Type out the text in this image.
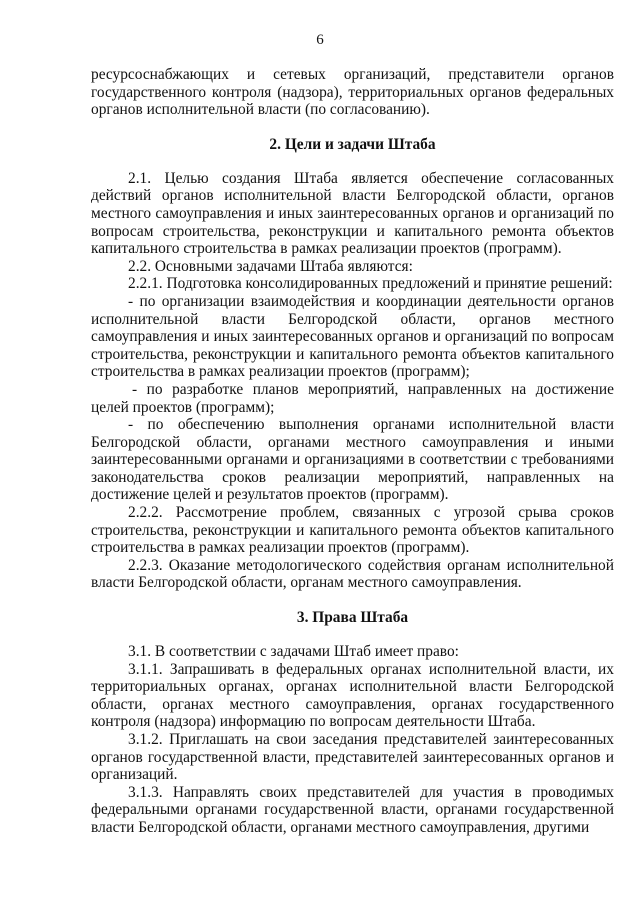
6

ресурсоснабжающих и сетевых организаций, представители органов государственного контроля (надзора), территориальных органов федеральных органов исполнительной власти (по согласованию).

2. Цели и задачи Штаба

2.1. Целью создания Штаба является обеспечение согласованных действий органов исполнительной власти Белгородской области, органов местного самоуправления и иных заинтересованных органов и организаций по вопросам строительства, реконструкции и капитального ремонта объектов капитального строительства в рамках реализации проектов (программ).

2.2. Основными задачами Штаба являются:

2.2.1. Подготовка консолидированных предложений и принятие решений:

- по организации взаимодействия и координации деятельности органов исполнительной власти Белгородской области, органов местного самоуправления и иных заинтересованных органов и организаций по вопросам строительства, реконструкции и капитального ремонта объектов капитального строительства в рамках реализации проектов (программ);

- по разработке планов мероприятий, направленных на достижение целей проектов (программ);

- по обеспечению выполнения органами исполнительной власти Белгородской области, органами местного самоуправления и иными заинтересованными органами и организациями в соответствии с требованиями законодательства сроков реализации мероприятий, направленных на достижение целей и результатов проектов (программ).

2.2.2. Рассмотрение проблем, связанных с угрозой срыва сроков строительства, реконструкции и капитального ремонта объектов капитального строительства в рамках реализации проектов (программ).

2.2.3. Оказание методологического содействия органам исполнительной власти Белгородской области, органам местного самоуправления.

3. Права Штаба

3.1. В соответствии с задачами Штаб имеет право:

3.1.1. Запрашивать в федеральных органах исполнительной власти, их территориальных органах, органах исполнительной власти Белгородской области, органах местного самоуправления, органах государственного контроля (надзора) информацию по вопросам деятельности Штаба.

3.1.2. Приглашать на свои заседания представителей заинтересованных органов государственной власти, представителей заинтересованных органов и организаций.

3.1.3. Направлять своих представителей для участия в проводимых федеральными органами государственной власти, органами государственной власти Белгородской области, органами местного самоуправления, другими
